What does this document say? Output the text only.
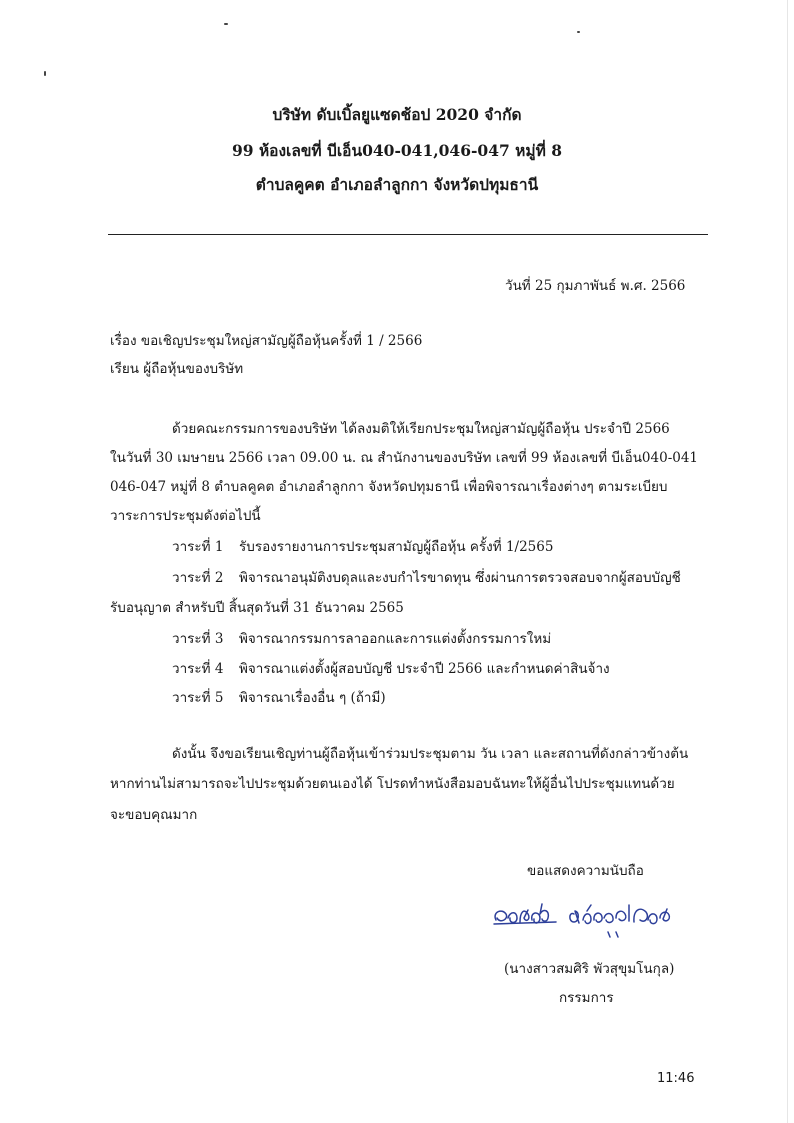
บริษัท ดับเบิ้ลยูแซดช้อป 2020 จำกัด
99 ห้องเลขที่ บีเอ็น040-041,046-047 หมู่ที่ 8
ตำบลคูคต อำเภอลำลูกกา จังหวัดปทุมธานี
วันที่ 25 กุมภาพันธ์ พ.ศ. 2566
เรื่อง ขอเชิญประชุมใหญ่สามัญผู้ถือหุ้นครั้งที่ 1 / 2566
เรียน ผู้ถือหุ้นของบริษัท
ด้วยคณะกรรมการของบริษัท ได้ลงมติให้เรียกประชุมใหญ่สามัญผู้ถือหุ้น ประจำปี 2566
ในวันที่ 30 เมษายน 2566 เวลา 09.00 น. ณ สำนักงานของบริษัท เลขที่ 99 ห้องเลขที่ บีเอ็น040-041
046-047 หมู่ที่ 8 ตำบลคูคต อำเภอลำลูกกา จังหวัดปทุมธานี เพื่อพิจารณาเรื่องต่างๆ ตามระเบียบ
วาระการประชุมดังต่อไปนี้
วาระที่ 1 รับรองรายงานการประชุมสามัญผู้ถือหุ้น ครั้งที่ 1/2565
วาระที่ 2 พิจารณาอนุมัติงบดุลและงบกำไรขาดทุน ซึ่งผ่านการตรวจสอบจากผู้สอบบัญชี
รับอนุญาต สำหรับปี สิ้นสุดวันที่ 31 ธันวาคม 2565
วาระที่ 3 พิจารณากรรมการลาออกและการแต่งตั้งกรรมการใหม่
วาระที่ 4 พิจารณาแต่งตั้งผู้สอบบัญชี ประจำปี 2566 และกำหนดค่าสินจ้าง
วาระที่ 5 พิจารณาเรื่องอื่น ๆ (ถ้ามี)
ดังนั้น จึงขอเรียนเชิญท่านผู้ถือหุ้นเข้าร่วมประชุมตาม วัน เวลา และสถานที่ดังกล่าวข้างต้น
หากท่านไม่สามารถจะไปประชุมด้วยตนเองได้ โปรดทำหนังสือมอบฉันทะให้ผู้อื่นไปประชุมแทนด้วย
จะขอบคุณมาก
ขอแสดงความนับถือ
(นางสาวสมศิริ พัวสุขุมโนกุล)
กรรมการ
11:46
